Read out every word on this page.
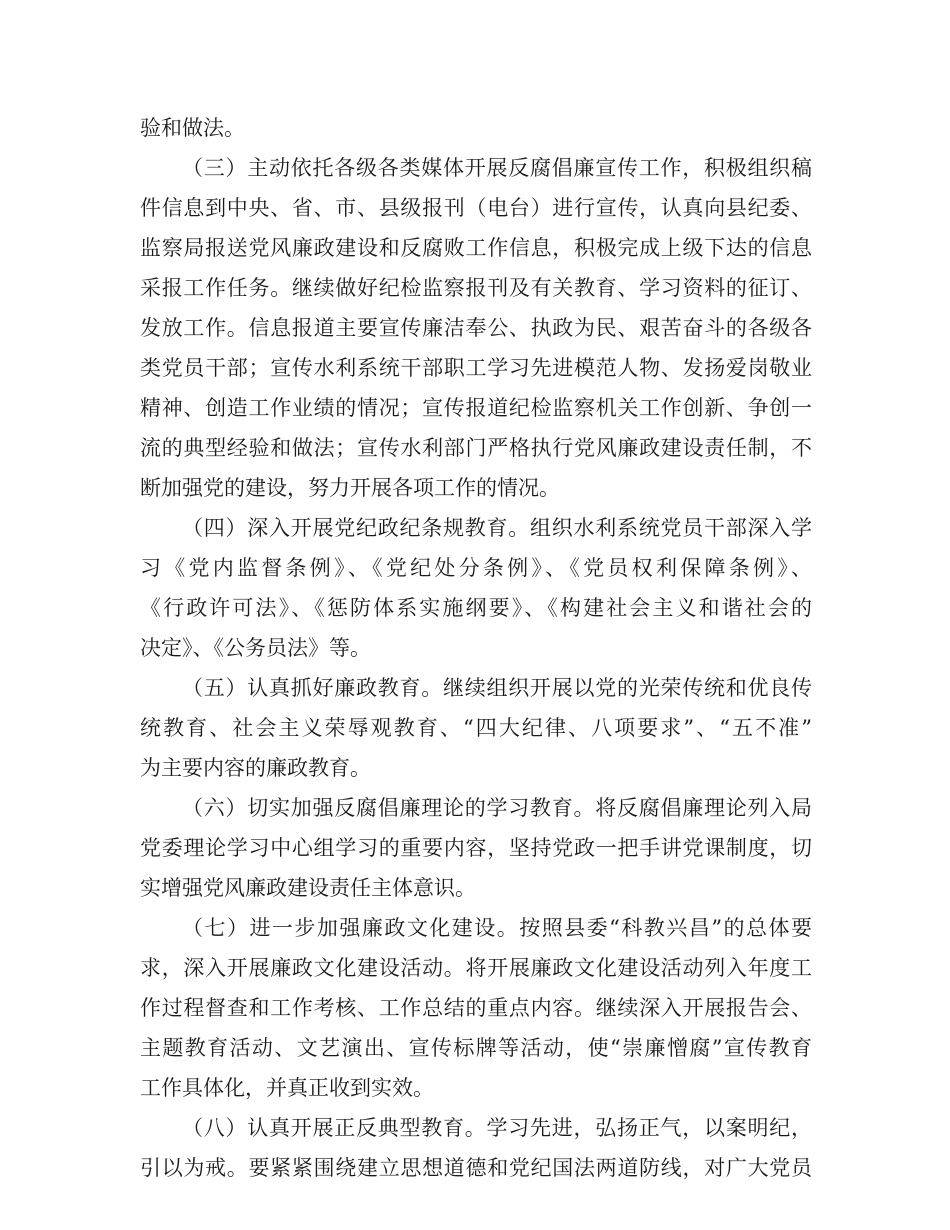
验和做法。
（三）主动依托各级各类媒体开展反腐倡廉宣传工作，积极组织稿
件信息到中央、省、市、县级报刊（电台）进行宣传，认真向县纪委、
监察局报送党风廉政建设和反腐败工作信息，积极完成上级下达的信息
采报工作任务。继续做好纪检监察报刊及有关教育、学习资料的征订、
发放工作。信息报道主要宣传廉洁奉公、执政为民、艰苦奋斗的各级各
类党员干部；宣传水利系统干部职工学习先进模范人物、发扬爱岗敬业
精神、创造工作业绩的情况；宣传报道纪检监察机关工作创新、争创一
流的典型经验和做法；宣传水利部门严格执行党风廉政建设责任制，不
断加强党的建设，努力开展各项工作的情况。
（四）深入开展党纪政纪条规教育。组织水利系统党员干部深入学
习《党内监督条例》、《党纪处分条例》、《党员权利保障条例》、
《行政许可法》、《惩防体系实施纲要》、《构建社会主义和谐社会的
决定》、《公务员法》等。
（五）认真抓好廉政教育。继续组织开展以党的光荣传统和优良传
统教育、社会主义荣辱观教育、“四大纪律、八项要求”、“五不准”
为主要内容的廉政教育。
（六）切实加强反腐倡廉理论的学习教育。将反腐倡廉理论列入局
党委理论学习中心组学习的重要内容，坚持党政一把手讲党课制度，切
实增强党风廉政建设责任主体意识。
（七）进一步加强廉政文化建设。按照县委“科教兴昌”的总体要
求，深入开展廉政文化建设活动。将开展廉政文化建设活动列入年度工
作过程督查和工作考核、工作总结的重点内容。继续深入开展报告会、
主题教育活动、文艺演出、宣传标牌等活动，使“崇廉憎腐”宣传教育
工作具体化，并真正收到实效。
（八）认真开展正反典型教育。学习先进，弘扬正气，以案明纪，
引以为戒。要紧紧围绕建立思想道德和党纪国法两道防线，对广大党员
